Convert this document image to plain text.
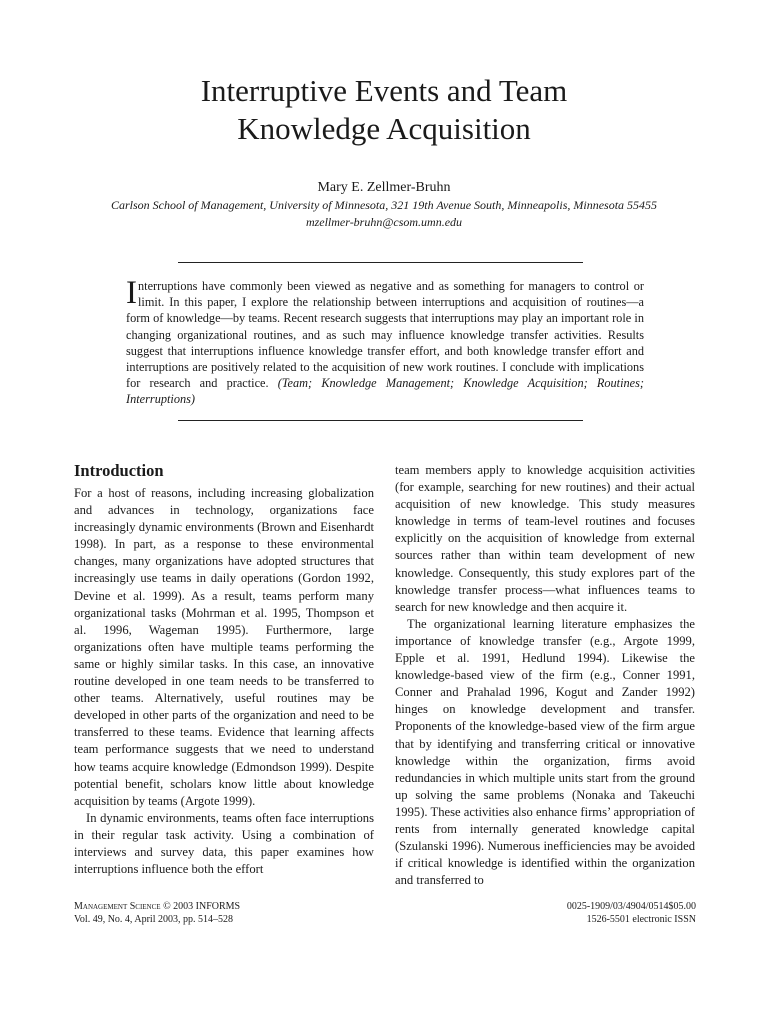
Interruptive Events and Team
Knowledge Acquisition
Mary E. Zellmer-Bruhn
Carlson School of Management, University of Minnesota, 321 19th Avenue South, Minneapolis, Minnesota 55455
mzellmer-bruhn@csom.umn.edu

Interruptions have commonly been viewed as negative and as something for managers to control or limit. In this paper, I explore the relationship between interruptions and acquisition of routines—a form of knowledge—by teams. Recent research suggests that interruptions may play an important role in changing organizational routines, and as such may influence knowledge transfer activities. Results suggest that interruptions influence knowledge transfer effort, and both knowledge transfer effort and interruptions are positively related to the acquisition of new work routines. I conclude with implications for research and practice. (Team; Knowledge Management; Knowledge Acquisition; Routines; Interruptions)

Introduction

For a host of reasons, including increasing globalization and advances in technology, organizations face increasingly dynamic environments (Brown and Eisenhardt 1998). In part, as a response to these environmental changes, many organizations have adopted structures that increasingly use teams in daily operations (Gordon 1992, Devine et al. 1999). As a result, teams perform many organizational tasks (Mohrman et al. 1995, Thompson et al. 1996, Wageman 1995). Furthermore, large organizations often have multiple teams performing the same or highly similar tasks. In this case, an innovative routine developed in one team needs to be transferred to other teams. Alternatively, useful routines may be developed in other parts of the organization and need to be transferred to these teams. Evidence that learning affects team performance suggests that we need to understand how teams acquire knowledge (Edmondson 1999). Despite potential benefit, scholars know little about knowledge acquisition by teams (Argote 1999).

In dynamic environments, teams often face interruptions in their regular task activity. Using a combination of interviews and survey data, this paper examines how interruptions influence both the effort

team members apply to knowledge acquisition activities (for example, searching for new routines) and their actual acquisition of new knowledge. This study measures knowledge in terms of team-level routines and focuses explicitly on the acquisition of knowledge from external sources rather than within team development of new knowledge. Consequently, this study explores part of the knowledge transfer process—what influences teams to search for new knowledge and then acquire it.

The organizational learning literature emphasizes the importance of knowledge transfer (e.g., Argote 1999, Epple et al. 1991, Hedlund 1994). Likewise the knowledge-based view of the firm (e.g., Conner 1991, Conner and Prahalad 1996, Kogut and Zander 1992) hinges on knowledge development and transfer. Proponents of the knowledge-based view of the firm argue that by identifying and transferring critical or innovative knowledge within the organization, firms avoid redundancies in which multiple units start from the ground up solving the same problems (Nonaka and Takeuchi 1995). These activities also enhance firms’ appropriation of rents from internally generated knowledge capital (Szulanski 1996). Numerous inefficiencies may be avoided if critical knowledge is identified within the organization and transferred to

Management Science © 2003 INFORMS
Vol. 49, No. 4, April 2003, pp. 514–528
0025-1909/03/4904/0514$05.00
1526-5501 electronic ISSN
